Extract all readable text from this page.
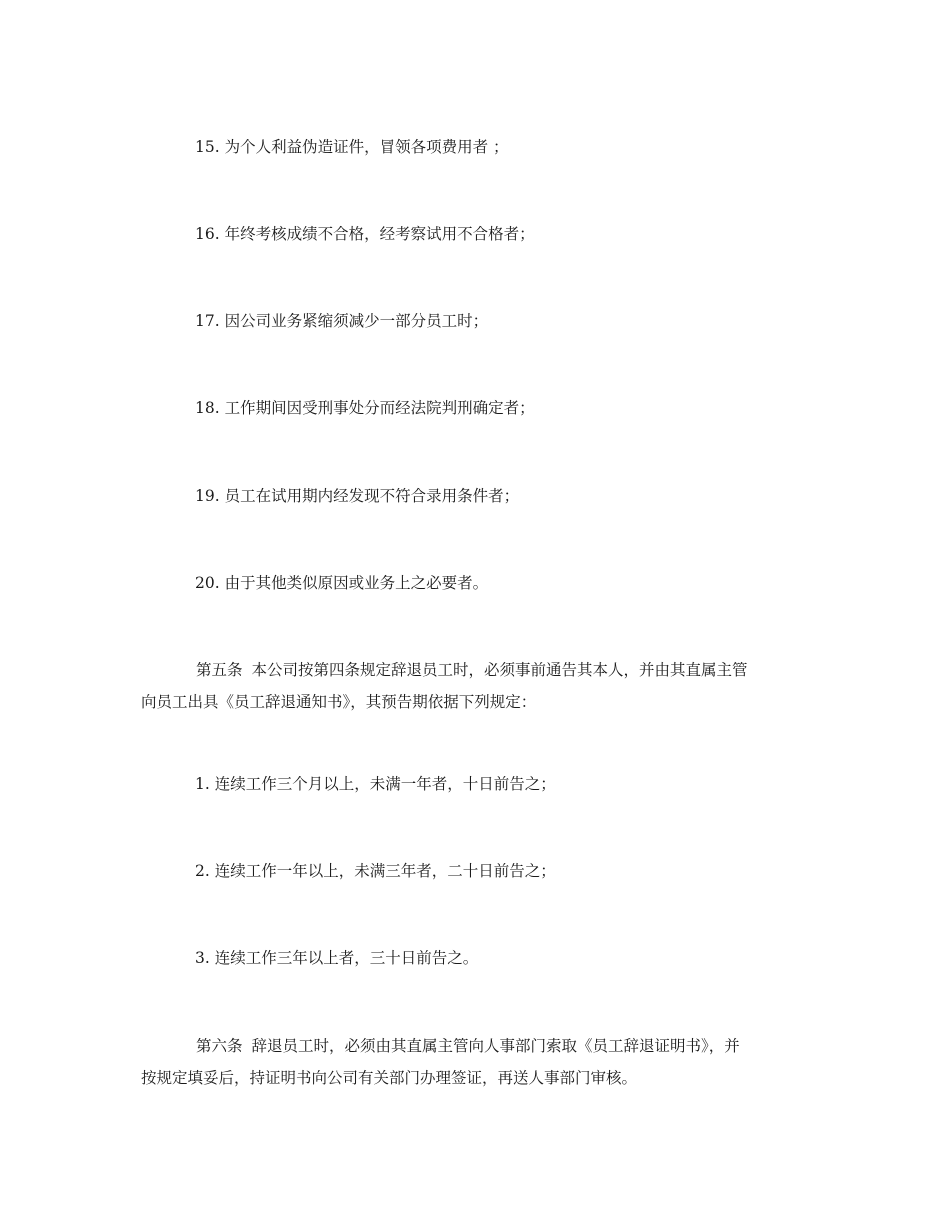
15. 为个人利益伪造证件，冒领各项费用者 ；
16. 年终考核成绩不合格，经考察试用不合格者；
17. 因公司业务紧缩须减少一部分员工时；
18. 工作期间因受刑事处分而经法院判刑确定者；
19. 员工在试用期内经发现不符合录用条件者；
20. 由于其他类似原因或业务上之必要者。
第五条 本公司按第四条规定辞退员工时，必须事前通告其本人，并由其直属主管
向员工出具《员工辞退通知书》，其预告期依据下列规定：
1. 连续工作三个月以上，未满一年者，十日前告之；
2. 连续工作一年以上，未满三年者，二十日前告之；
3. 连续工作三年以上者，三十日前告之。
第六条 辞退员工时，必须由其直属主管向人事部门索取《员工辞退证明书》，并
按规定填妥后，持证明书向公司有关部门办理签证，再送人事部门审核。
